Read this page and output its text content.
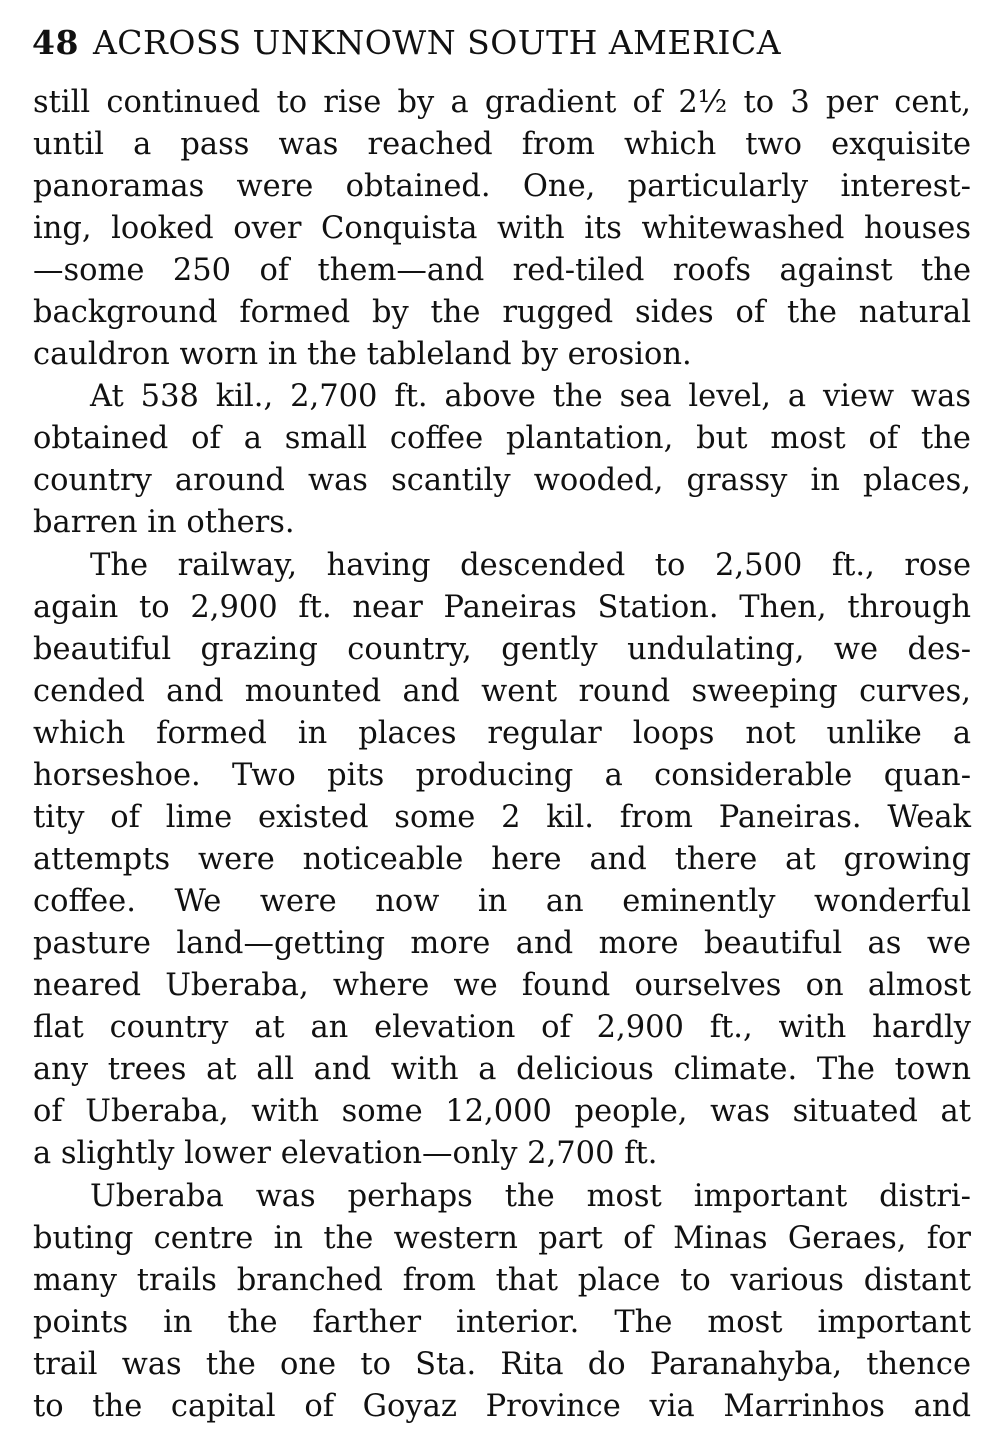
48 ACROSS UNKNOWN SOUTH AMERICA
still continued to rise by a gradient of 2½ to 3 per cent,
until a pass was reached from which two exquisite
panoramas were obtained. One, particularly interest-
ing, looked over Conquista with its whitewashed houses
—some 250 of them—and red-tiled roofs against the
background formed by the rugged sides of the natural
cauldron worn in the tableland by erosion.
At 538 kil., 2,700 ft. above the sea level, a view was
obtained of a small coffee plantation, but most of the
country around was scantily wooded, grassy in places,
barren in others.
The railway, having descended to 2,500 ft., rose
again to 2,900 ft. near Paneiras Station. Then, through
beautiful grazing country, gently undulating, we des-
cended and mounted and went round sweeping curves,
which formed in places regular loops not unlike a
horseshoe. Two pits producing a considerable quan-
tity of lime existed some 2 kil. from Paneiras. Weak
attempts were noticeable here and there at growing
coffee. We were now in an eminently wonderful
pasture land—getting more and more beautiful as we
neared Uberaba, where we found ourselves on almost
flat country at an elevation of 2,900 ft., with hardly
any trees at all and with a delicious climate. The town
of Uberaba, with some 12,000 people, was situated at
a slightly lower elevation—only 2,700 ft.
Uberaba was perhaps the most important distri-
buting centre in the western part of Minas Geraes, for
many trails branched from that place to various distant
points in the farther interior. The most important
trail was the one to Sta. Rita do Paranahyba, thence
to the capital of Goyaz Province via Marrinhos and
